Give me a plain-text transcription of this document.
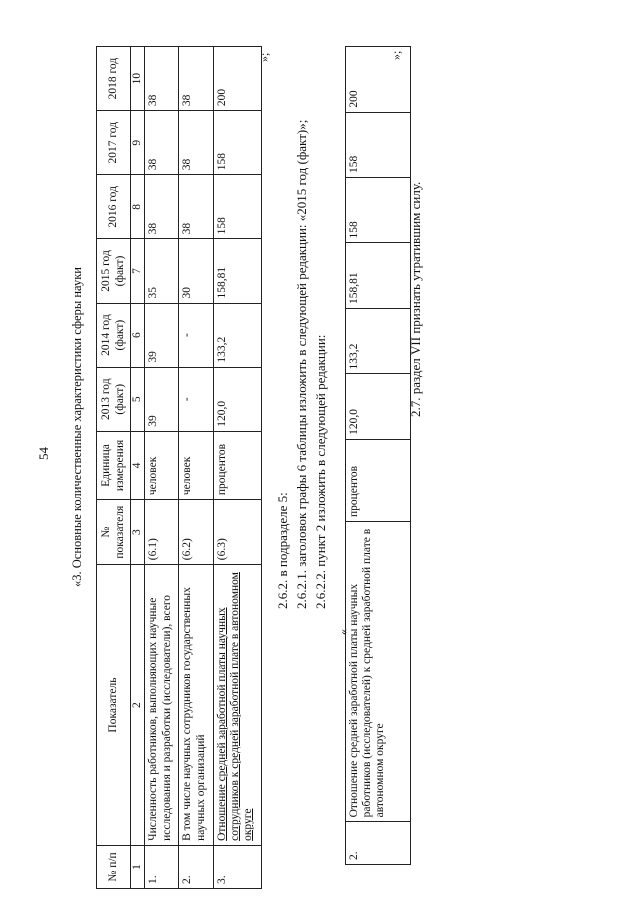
54 «3. Основные количественные характеристики сферы науки
№ п/п	Показатель	№ показателя	Единица измерения	2013 год (факт)	2014 год (факт)	2015 год (факт)	2016 год	2017 год	2018 год
1	2	3	4	5	6	7	8	9	10
1.	Численность работников, выполняющих научные исследования и разработки (исследователи), всего	(6.1)	человек	39	39	35	38	38	38
2.	В том числе научных сотрудников государственных научных организаций	(6.2)	человек	-	-	30	38	38	38
3.	Отношение средней заработной платы научных сотрудников к средней заработной плате в автономном округе	(6.3)	процентов	120,0	133,2	158,81	158	158	200
»;
2.6.2. в подразделе 5: 2.6.2.1. заголовок графы 6 таблицы изложить в следующей редакции: «2015 год (факт)»; 2.6.2.2. пункт 2 изложить в следующей редакции:
«
2.	Отношение средней заработной платы научных работников (исследователей) к средней заработной плате в автономном округе	процентов	120,0	133,2	158,81	158	158	200
»;
2.7. раздел VII признать утратившим силу.
